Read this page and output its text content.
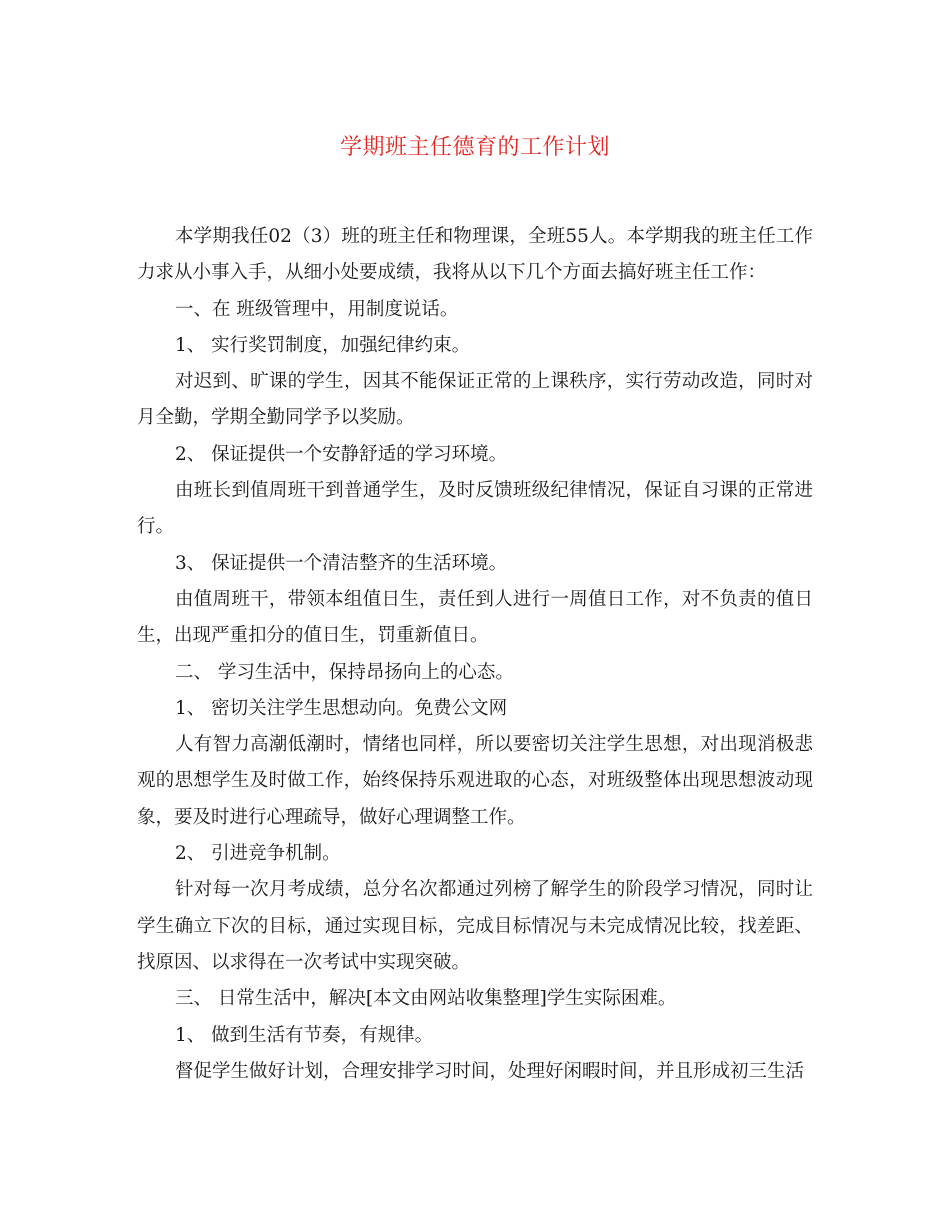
学期班主任德育的工作计划

本学期我任02（3）班的班主任和物理课，全班55人。本学期我的班主任工作力求从小事入手，从细小处要成绩，我将从以下几个方面去搞好班主任工作：

一、在 班级管理中，用制度说话。

1、 实行奖罚制度，加强纪律约束。

对迟到、旷课的学生，因其不能保证正常的上课秩序，实行劳动改造，同时对月全勤，学期全勤同学予以奖励。

2、 保证提供一个安静舒适的学习环境。

由班长到值周班干到普通学生，及时反馈班级纪律情况，保证自习课的正常进行。

3、 保证提供一个清洁整齐的生活环境。

由值周班干，带领本组值日生，责任到人进行一周值日工作，对不负责的值日生，出现严重扣分的值日生，罚重新值日。

二、 学习生活中，保持昂扬向上的心态。

1、 密切关注学生思想动向。免费公文网

人有智力高潮低潮时，情绪也同样，所以要密切关注学生思想，对出现消极悲观的思想学生及时做工作，始终保持乐观进取的心态，对班级整体出现思想波动现象，要及时进行心理疏导，做好心理调整工作。

2、 引进竞争机制。

针对每一次月考成绩，总分名次都通过列榜了解学生的阶段学习情况，同时让学生确立下次的目标，通过实现目标，完成目标情况与未完成情况比较，找差距、找原因、以求得在一次考试中实现突破。

三、 日常生活中，解决[本文由网站收集整理]学生实际困难。

1、 做到生活有节奏，有规律。

督促学生做好计划，合理安排学习时间，处理好闲暇时间，并且形成初三生活
